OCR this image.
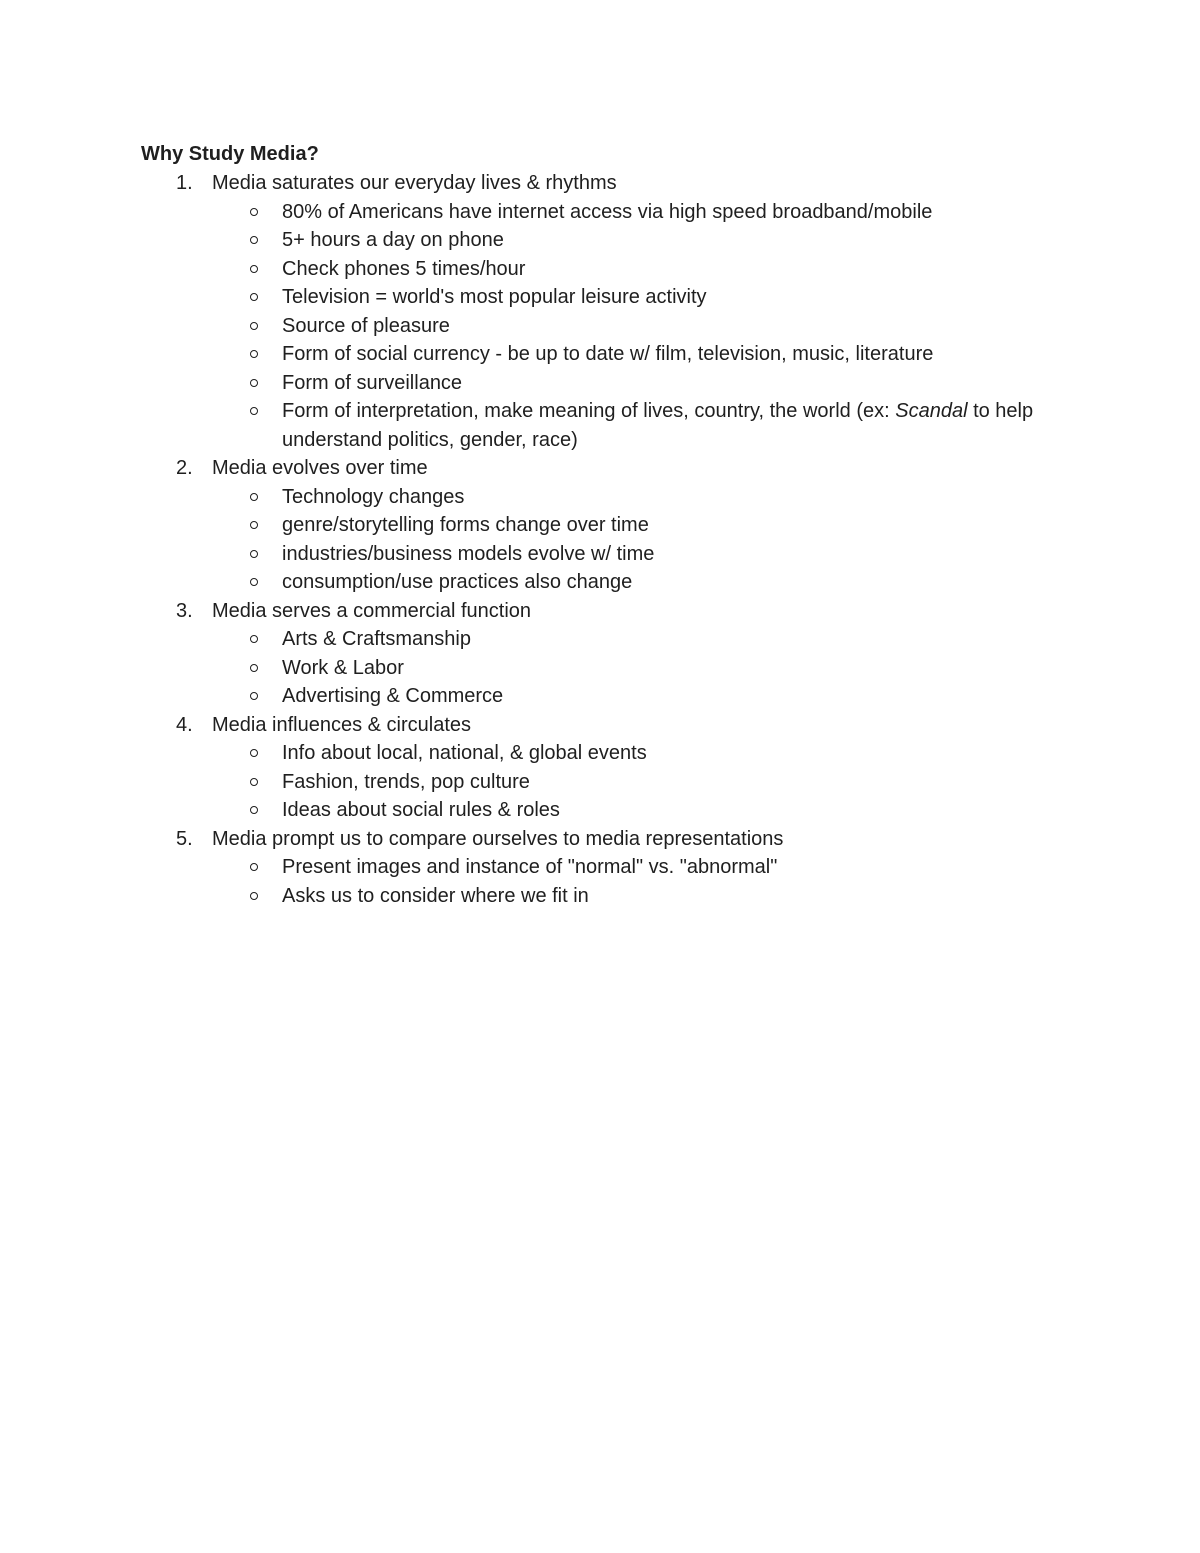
Why Study Media?

1. Media saturates our everyday lives & rhythms
80% of Americans have internet access via high speed broadband/mobile
5+ hours a day on phone
Check phones 5 times/hour
Television = world's most popular leisure activity
Source of pleasure
Form of social currency - be up to date w/ film, television, music, literature
Form of surveillance
Form of interpretation, make meaning of lives, country, the world (ex: Scandal to help understand politics, gender, race)
2. Media evolves over time
Technology changes
genre/storytelling forms change over time
industries/business models evolve w/ time
consumption/use practices also change
3. Media serves a commercial function
Arts & Craftsmanship
Work & Labor
Advertising & Commerce
4. Media influences & circulates
Info about local, national, & global events
Fashion, trends, pop culture
Ideas about social rules & roles
5. Media prompt us to compare ourselves to media representations
Present images and instance of "normal" vs. "abnormal"
Asks us to consider where we fit in
